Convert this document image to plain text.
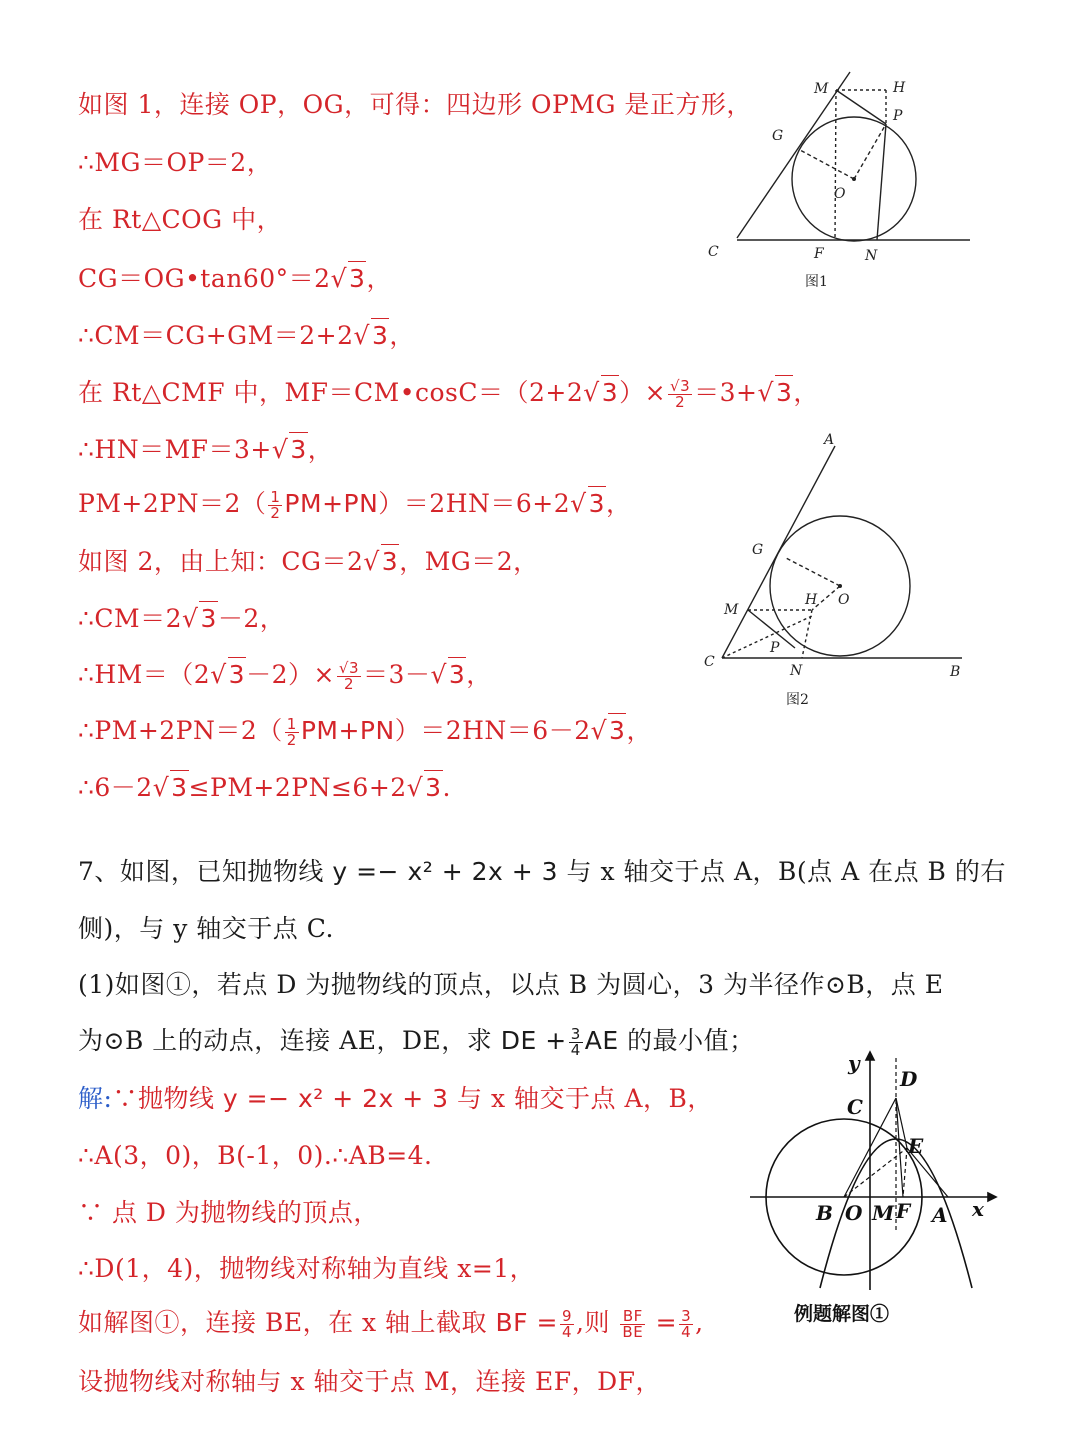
如图 1，连接 OP，OG，可得：四边形 OPMG 是正方形，
∴MG＝OP＝2，
在 Rt△COG 中，
CG＝OG•tan60°＝2√3，
∴CM＝CG+GM＝2+2√3，
在 Rt△CMF 中，MF＝CM•cosC＝（2+2√3）× $\frac{√3}{2} =3+√3$，
∴HN＝MF＝3+√3，
$PM+2PN=2( \frac{1}{2} PM+PN)=2HN=6+2√3$，
如图 2，由上知：CG＝2√3，MG＝2，
∴CM＝2√3－2，
∴HM＝（2√3－2）× $\frac{√3}{2} =3-√3$，
∴PM+2PN＝2（ $\frac{1}{2} PM+PN)=2HN=6-2√3$，
∴6－2√3≤PM+2PN≤6+2√3.
7、如图，已知抛物线 y =− x² + 2x + 3 与 x 轴交于点 A，B(点 A 在点 B 的右
侧)，与 y 轴交于点 C.
(1)如图①，若点 D 为抛物线的顶点，以点 B 为圆心，3 为半径作⊙B，点 E
为⊙B 上的动点，连接 AE，DE，求 DE + $\frac{3}{4}$ AE 的最小值；
解:∵抛物线 y =− x² + 2x + 3 与 x 轴交于点 A，B，
∴A(3，0)，B(-1，0).∴AB=4.
∵ 点 D 为抛物线的顶点，
∴D(1，4)，抛物线对称轴为直线 x=1，
如解图①，连接 BE，在 x 轴上截取 BF = $\frac{9}{4}$ ,则 $\frac{BF}{BE} = \frac{3}{4}$ ,
设抛物线对称轴与 x 轴交于点 M，连接 EF，DF，
M	H
P
G
O
C	F	N
图1
A
G
M
H O
P
C
N	B
图2
y
D
C
E
B O M F A x
例题解图①
